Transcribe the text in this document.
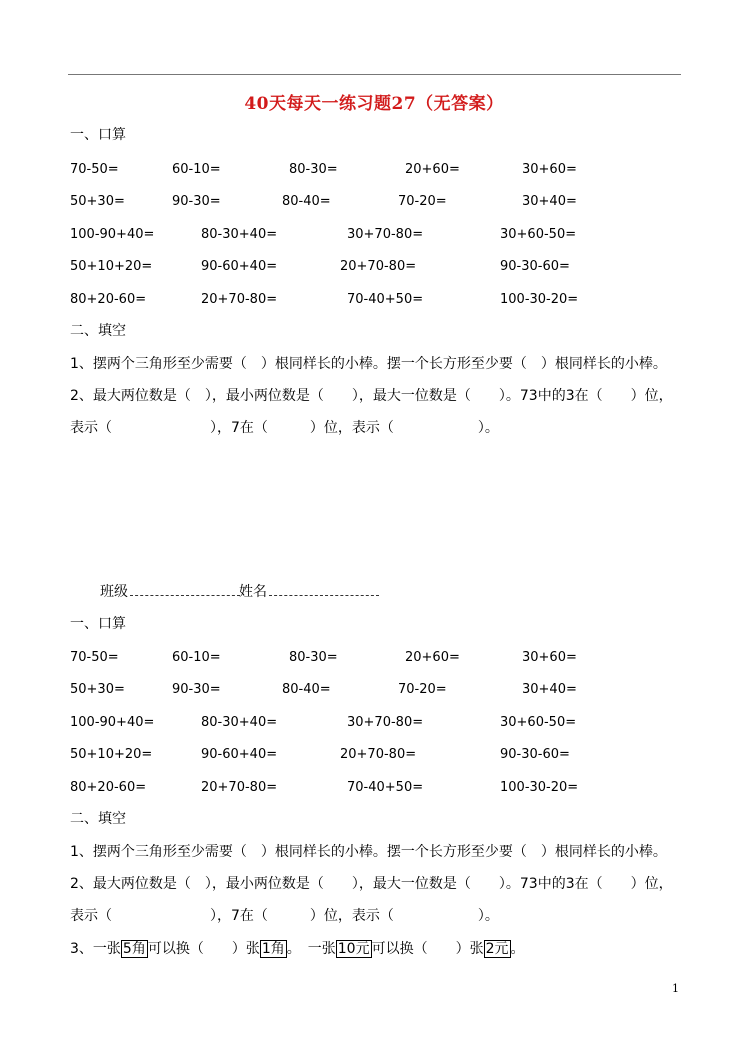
40天每天一练习题27（无答案）
一、口算
70-50=	60-10=	80-30=	20+60=	30+60=
50+30=	90-30=	80-40=	70-20=	30+40=
100-90+40=	80-30+40=	30+70-80=	30+60-50=
50+10+20=	90-60+40=	20+70-80=	90-30-60=
80+20-60=	20+70-80=	70-40+50=	100-30-20=
二、填空
1、摆两个三角形至少需要（　）根同样长的小棒。摆一个长方形至少要（　）根同样长的小棒。
2、最大两位数是（　），最小两位数是（　　），最大一位数是（　　）。73中的3在（　　）位，
表示（　　　　　　　），7在（　　　）位，表示（　　　　　　）。
班级	姓名
一、口算
70-50=	60-10=	80-30=	20+60=	30+60=
50+30=	90-30=	80-40=	70-20=	30+40=
100-90+40=	80-30+40=	30+70-80=	30+60-50=
50+10+20=	90-60+40=	20+70-80=	90-30-60=
80+20-60=	20+70-80=	70-40+50=	100-30-20=
二、填空
1、摆两个三角形至少需要（　）根同样长的小棒。摆一个长方形至少要（　）根同样长的小棒。
2、最大两位数是（　），最小两位数是（　　），最大一位数是（　　）。73中的3在（　　）位，
表示（　　　　　　　），7在（　　　）位，表示（　　　　　　）。
3、一张 5角 可以换（　　）张 1角 。　一张 10元 可以换（　　）张 2元 。
1
